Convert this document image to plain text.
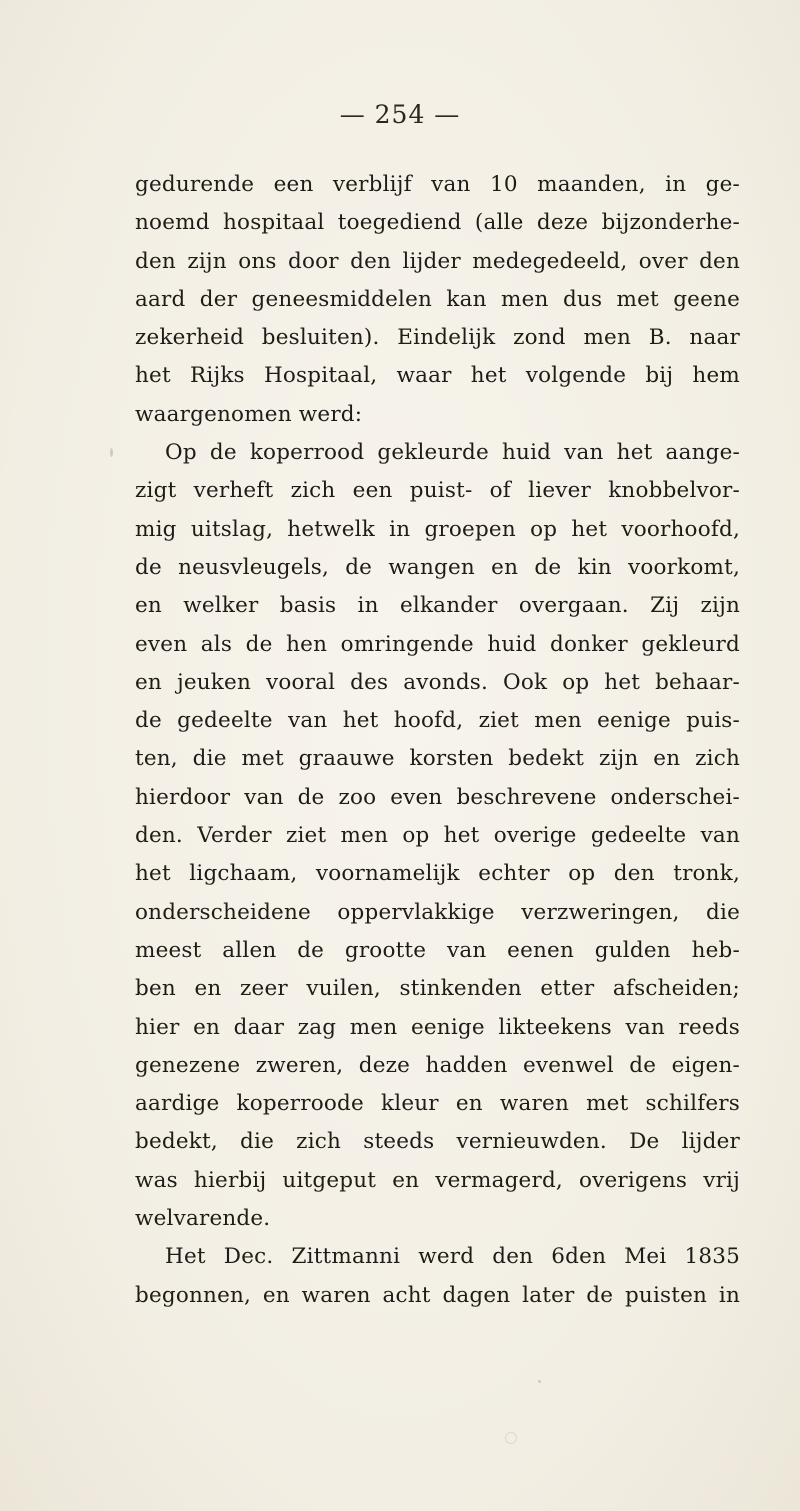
— 254 —
gedurende een verblijf van 10 maanden, in ge-
noemd hospitaal toegediend (alle deze bijzonderhe-
den zijn ons door den lijder medegedeeld, over den
aard der geneesmiddelen kan men dus met geene
zekerheid besluiten). Eindelijk zond men B. naar
het Rijks Hospitaal, waar het volgende bij hem
waargenomen werd:
Op de koperrood gekleurde huid van het aange-
zigt verheft zich een puist- of liever knobbelvor-
mig uitslag, hetwelk in groepen op het voorhoofd,
de neusvleugels, de wangen en de kin voorkomt,
en welker basis in elkander overgaan. Zij zijn
even als de hen omringende huid donker gekleurd
en jeuken vooral des avonds. Ook op het behaar-
de gedeelte van het hoofd, ziet men eenige puis-
ten, die met graauwe korsten bedekt zijn en zich
hierdoor van de zoo even beschrevene onderschei-
den. Verder ziet men op het overige gedeelte van
het ligchaam, voornamelijk echter op den tronk,
onderscheidene oppervlakkige verzweringen, die
meest allen de grootte van eenen gulden heb-
ben en zeer vuilen, stinkenden etter afscheiden;
hier en daar zag men eenige likteekens van reeds
genezene zweren, deze hadden evenwel de eigen-
aardige koperroode kleur en waren met schilfers
bedekt, die zich steeds vernieuwden. De lijder
was hierbij uitgeput en vermagerd, overigens vrij
welvarende.
Het Dec. Zittmanni werd den 6den Mei 1835
begonnen, en waren acht dagen later de puisten in
